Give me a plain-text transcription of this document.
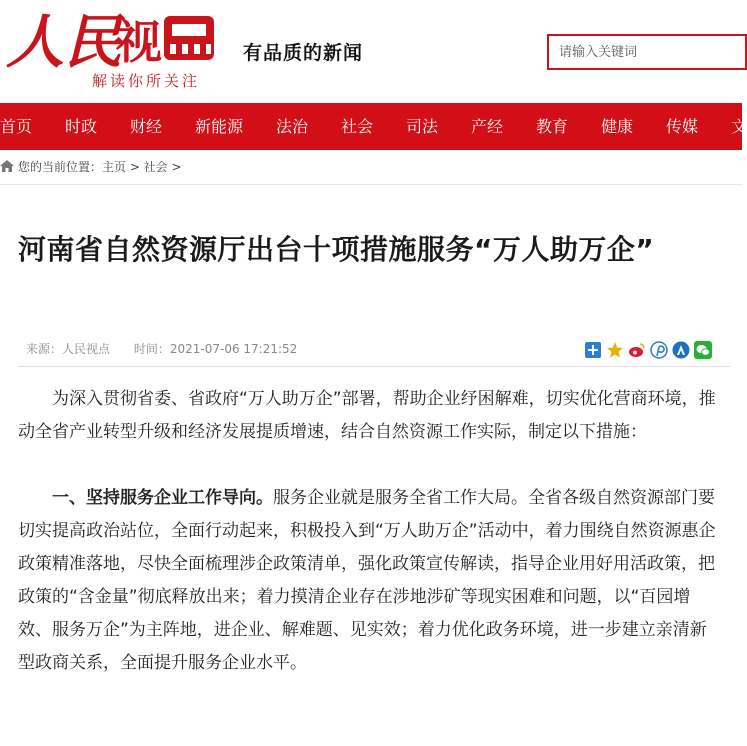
人民
视
解读你所关注
有品质的新闻
请输入关键词
首页 时政 财经 新能源 法治 社会 司法 产经 教育 健康 传媒 文
您的当前位置：主页 > 社会 >
河南省自然资源厅出台十项措施服务“万人助万企”
来源：人民视点 时间：2021-07-06 17:21:52

为深入贯彻省委、省政府“万人助万企”部署，帮助企业纾困解难，切实优化营商环境，推动全省产业转型升级和经济发展提质增速，结合自然资源工作实际，制定以下措施：

一、坚持服务企业工作导向。服务企业就是服务全省工作大局。全省各级自然资源部门要切实提高政治站位，全面行动起来，积极投入到“万人助万企”活动中，着力围绕自然资源惠企政策精准落地，尽快全面梳理涉企政策清单，强化政策宣传解读，指导企业用好用活政策，把政策的“含金量”彻底释放出来；着力摸清企业存在涉地涉矿等现实困难和问题，以“百园增效、服务万企”为主阵地，进企业、解难题、见实效；着力优化政务环境，进一步建立亲清新型政商关系，全面提升服务企业水平。
